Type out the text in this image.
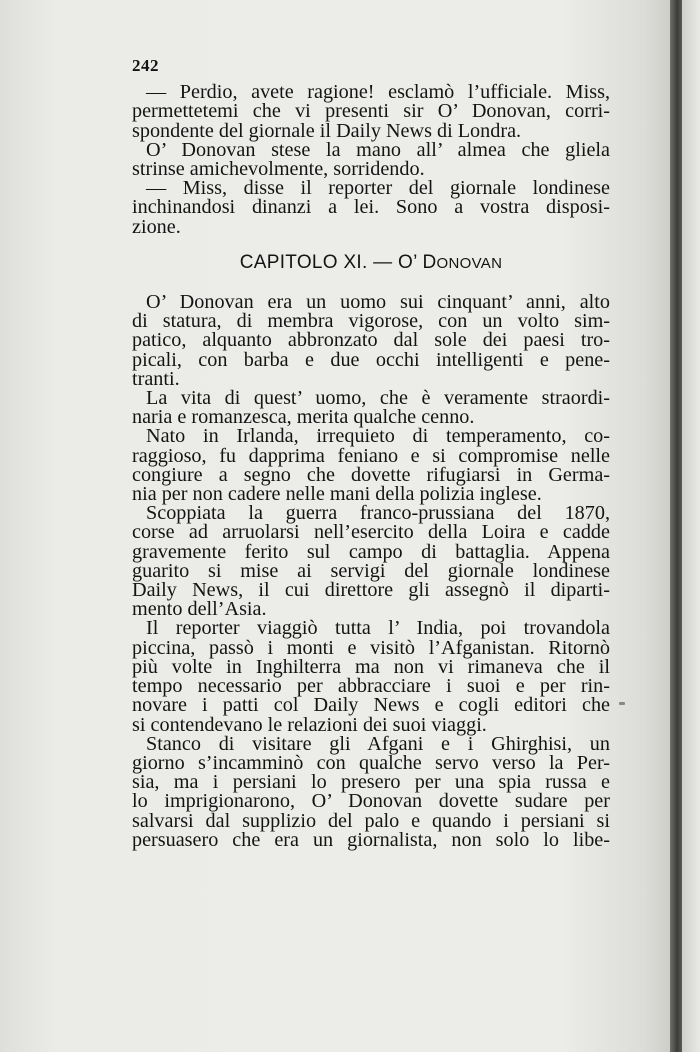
242
— Perdio, avete ragione! esclamò l’ufficiale. Miss,
permettetemi che vi presenti sir O’ Donovan, corri-
spondente del giornale il Daily News di Londra.
O’ Donovan stese la mano all’ almea che gliela
strinse amichevolmente, sorridendo.
— Miss, disse il reporter del giornale londinese
inchinandosi dinanzi a lei. Sono a vostra disposi-
zione.
CAPITOLO XI. — O’ DONOVAN
O’ Donovan era un uomo sui cinquant’ anni, alto
di statura, di membra vigorose, con un volto sim-
patico, alquanto abbronzato dal sole dei paesi tro-
picali, con barba e due occhi intelligenti e pene-
tranti.
La vita di quest’ uomo, che è veramente straordi-
naria e romanzesca, merita qualche cenno.
Nato in Irlanda, irrequieto di temperamento, co-
raggioso, fu dapprima feniano e si compromise nelle
congiure a segno che dovette rifugiarsi in Germa-
nia per non cadere nelle mani della polizia inglese.
Scoppiata la guerra franco-prussiana del 1870,
corse ad arruolarsi nell’esercito della Loira e cadde
gravemente ferito sul campo di battaglia. Appena
guarito si mise ai servigi del giornale londinese
Daily News, il cui direttore gli assegnò il diparti-
mento dell’Asia.
Il reporter viaggiò tutta l’ India, poi trovandola
piccina, passò i monti e visitò l’Afganistan. Ritornò
più volte in Inghilterra ma non vi rimaneva che il
tempo necessario per abbracciare i suoi e per rin-
novare i patti col Daily News e cogli editori che
si contendevano le relazioni dei suoi viaggi.
Stanco di visitare gli Afgani e i Ghirghisi, un
giorno s’incamminò con qualche servo verso la Per-
sia, ma i persiani lo presero per una spia russa e
lo imprigionarono, O’ Donovan dovette sudare per
salvarsi dal supplizio del palo e quando i persiani si
persuasero che era un giornalista, non solo lo libe-
